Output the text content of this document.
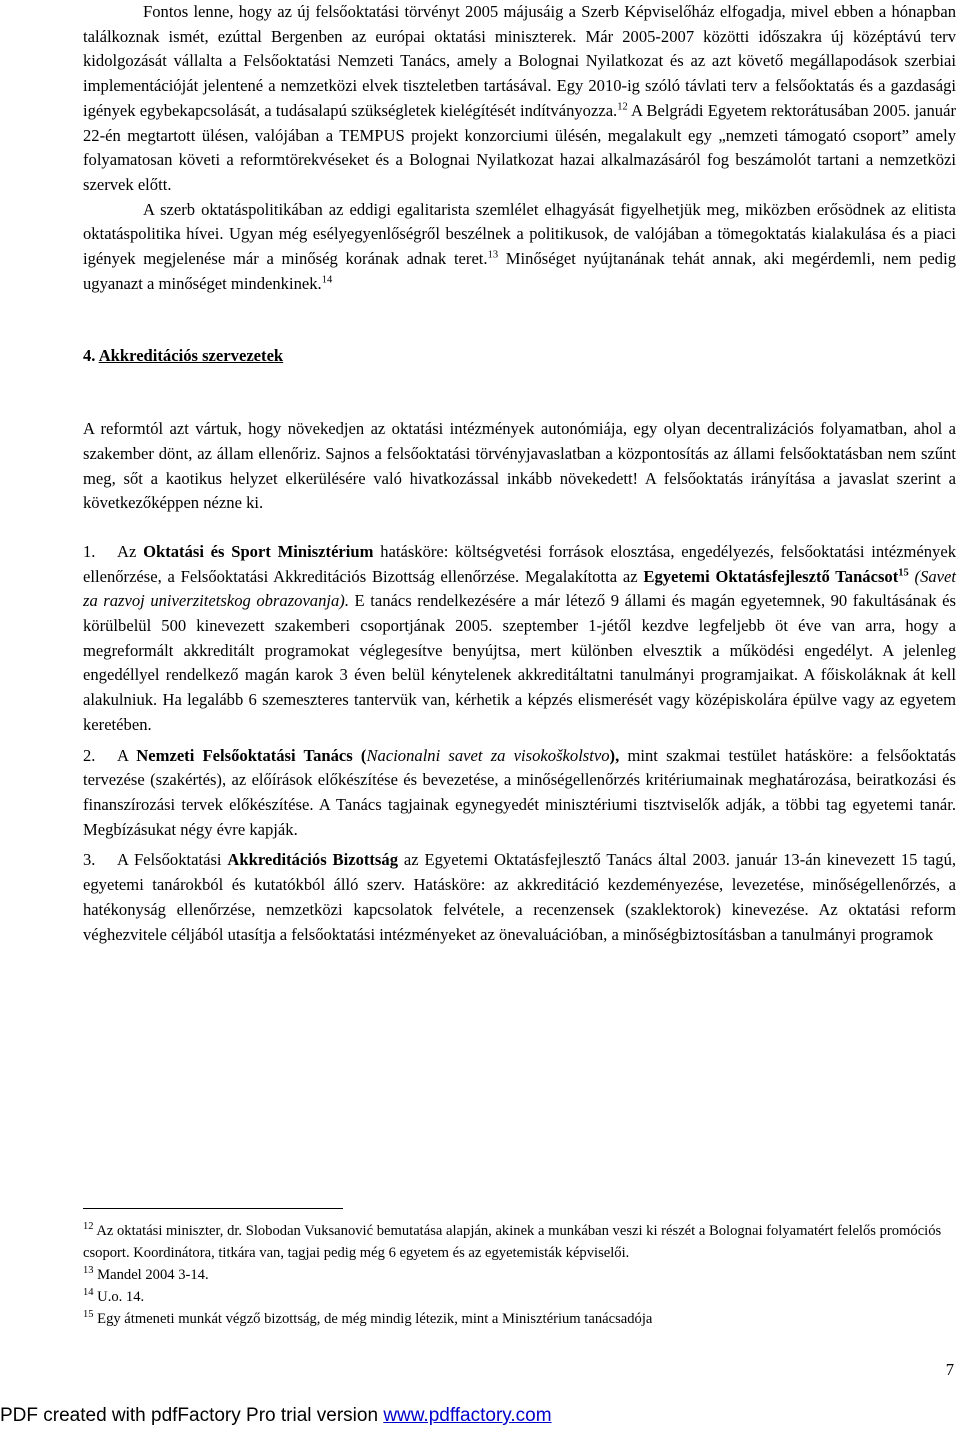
Fontos lenne, hogy az új felsőoktatási törvényt 2005 májusáig a Szerb Képviselőház elfogadja, mivel ebben a hónapban találkoznak ismét, ezúttal Bergenben az európai oktatási miniszterek. Már 2005-2007 közötti időszakra új középtávú terv kidolgozását vállalta a Felsőoktatási Nemzeti Tanács, amely a Bolognai Nyilatkozat és az azt követő megállapodások szerbiai implementációját jelentené a nemzetközi elvek tiszteletben tartásával. Egy 2010-ig szóló távlati terv a felsőoktatás és a gazdasági igények egybekapcsolását, a tudásalapú szükségletek kielégítését indítványozza.$^{12}$ A Belgrádi Egyetem rektorátusában 2005. január 22-én megtartott ülésen, valójában a TEMPUS projekt konzorciumi ülésén, megalakult egy „nemzeti támogató csoport” amely folyamatosan követi a reformtörekvéseket és a Bolognai Nyilatkozat hazai alkalmazásáról fog beszámolót tartani a nemzetközi szervek előtt.

A szerb oktatáspolitikában az eddigi egalitarista szemlélet elhagyását figyelhetjük meg, miközben erősödnek az elitista oktatáspolitika hívei. Ugyan még esélyegyenlőségről beszélnek a politikusok, de valójában a tömegoktatás kialakulása és a piaci igények megjelenése már a minőség korának adnak teret.$^{13}$ Minőséget nyújtanának tehát annak, aki megérdemli, nem pedig ugyanazt a minőséget mindenkinek.$^{14}$

4. Akkreditációs szervezetek

A reformtól azt vártuk, hogy növekedjen az oktatási intézmények autonómiája, egy olyan decentralizációs folyamatban, ahol a szakember dönt, az állam ellenőriz. Sajnos a felsőoktatási törvényjavaslatban a központosítás az állami felsőoktatásban nem szűnt meg, sőt a kaotikus helyzet elkerülésére való hivatkozással inkább növekedett! A felsőoktatás irányítása a javaslat szerint a következőképpen nézne ki.

1. Az Oktatási és Sport Minisztérium hatásköre: költségvetési források elosztása, engedélyezés, felsőoktatási intézmények ellenőrzése, a Felsőoktatási Akkreditációs Bizottság ellenőrzése. Megalakította az Egyetemi Oktatásfejlesztő Tanácsot$^{15}$ (Savet za razvoj univerzitetskog obrazovanja). E tanács rendelkezésére a már létező 9 állami és magán egyetemnek, 90 fakultásának és körülbelül 500 kinevezett szakemberi csoportjának 2005. szeptember 1-jétől kezdve legfeljebb öt éve van arra, hogy a megreformált akkreditált programokat véglegesítve benyújtsa, mert különben elvesztik a működési engedélyt. A jelenleg engedéllyel rendelkező magán karok 3 éven belül kénytelenek akkreditáltatni tanulmányi programjaikat. A főiskoláknak át kell alakulniuk. Ha legalább 6 szemeszteres tantervük van, kérhetik a képzés elismerését vagy középiskolára épülve vagy az egyetem keretében.

2. A Nemzeti Felsőoktatási Tanács (Nacionalni savet za visokoškolstvo), mint szakmai testület hatásköre: a felsőoktatás tervezése (szakértés), az előírások előkészítése és bevezetése, a minőségellenőrzés kritériumainak meghatározása, beiratkozási és finanszírozási tervek előkészítése. A Tanács tagjainak egynegyedét minisztériumi tisztviselők adják, a többi tag egyetemi tanár. Megbízásukat négy évre kapják.

3. A Felsőoktatási Akkreditációs Bizottság az Egyetemi Oktatásfejlesztő Tanács által 2003. január 13-án kinevezett 15 tagú, egyetemi tanárokból és kutatókból álló szerv. Hatásköre: az akkreditáció kezdeményezése, levezetése, minőségellenőrzés, a hatékonyság ellenőrzése, nemzetközi kapcsolatok felvétele, a recenzensek (szaklektorok) kinevezése. Az oktatási reform véghezvitele céljából utasítja a felsőoktatási intézményeket az önevaluációban, a minőségbiztosításban a tanulmányi programok

$^{12}$ Az oktatási miniszter, dr. Slobodan Vuksanović bemutatása alapján, akinek a munkában veszi ki részét a Bolognai folyamatért felelős promóciós csoport. Koordinátora, titkára van, tagjai pedig még 6 egyetem és az egyetemisták képviselői.

$^{13}$ Mandel 2004 3-14.

$^{14}$ U.o. 14.

$^{15}$ Egy átmeneti munkát végző bizottság, de még mindig létezik, mint a Minisztérium tanácsadója

7
PDF created with pdfFactory Pro trial version www.pdffactory.com
